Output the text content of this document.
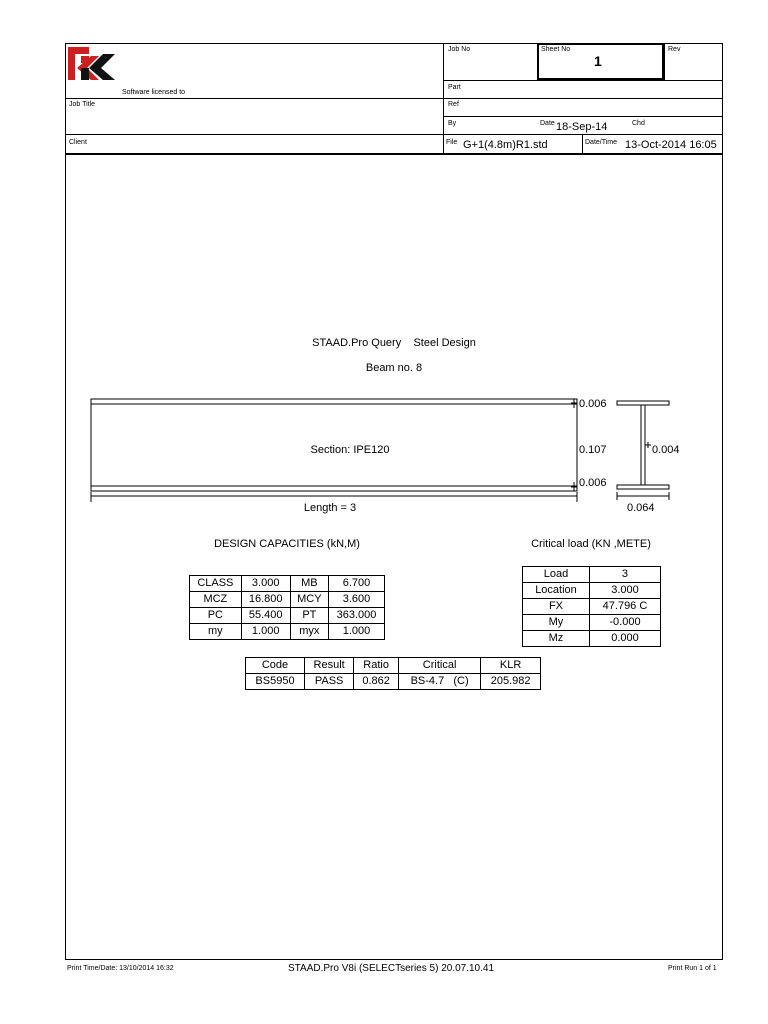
Software licensed to
Job No	Sheet No
1
Rev
Part
Job Title	Ref
By	Date 18-Sep-14	Chd
Client	File G+1(4.8m)R1.std	Date/Time 13-Oct-2014 16:05
STAAD.Pro Query    Steel Design
Beam no. 8
Section: IPE120
Length = 3
0.006
0.107
0.006
0.004
0.064
DESIGN CAPACITIES (kN,M)
CLASS	3.000	MB	6.700
MCZ	16.800	MCY	3.600
PC	55.400	PT	363.000
my	1.000	myx	1.000
Critical load (KN ,METE)
Load	3
Location	3.000
FX	47.796 C
My	-0.000
Mz	0.000
Code	Result	Ratio	Critical	KLR
BS5950	PASS	0.862	BS-4.7   (C)	205.982
Print Time/Date: 13/10/2014 16:32	STAAD.Pro V8i (SELECTseries 5) 20.07.10.41	Print Run 1 of 1
